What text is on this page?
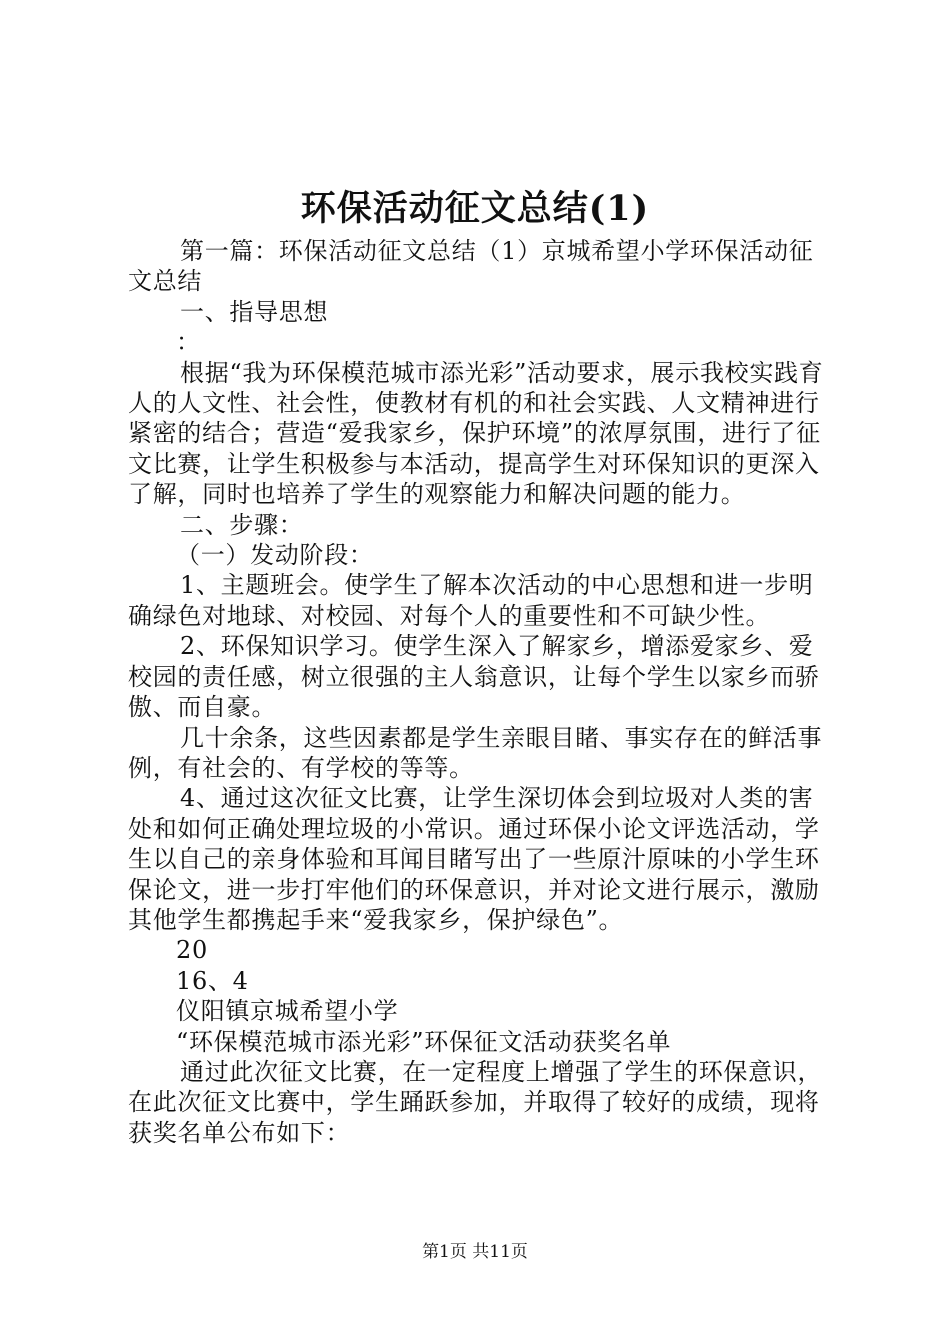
环保活动征文总结(1)

第一篇：环保活动征文总结（1）京城希望小学环保活动征文总结

一、指导思想

：

根据“我为环保模范城市添光彩”活动要求，展示我校实践育人的人文性、社会性，使教材有机的和社会实践、人文精神进行紧密的结合；营造“爱我家乡，保护环境”的浓厚氛围，进行了征文比赛，让学生积极参与本活动，提高学生对环保知识的更深入了解，同时也培养了学生的观察能力和解决问题的能力。

二、步骤：

（一）发动阶段：

1、主题班会。使学生了解本次活动的中心思想和进一步明确绿色对地球、对校园、对每个人的重要性和不可缺少性。

2、环保知识学习。使学生深入了解家乡，增添爱家乡、爱校园的责任感，树立很强的主人翁意识，让每个学生以家乡而骄傲、而自豪。

几十余条，这些因素都是学生亲眼目睹、事实存在的鲜活事例，有社会的、有学校的等等。

4、通过这次征文比赛，让学生深切体会到垃圾对人类的害处和如何正确处理垃圾的小常识。通过环保小论文评选活动，学生以自己的亲身体验和耳闻目睹写出了一些原汁原味的小学生环保论文，进一步打牢他们的环保意识，并对论文进行展示，激励其他学生都携起手来“爱我家乡，保护绿色”。

20

16、4

仪阳镇京城希望小学

“环保模范城市添光彩”环保征文活动获奖名单

通过此次征文比赛，在一定程度上增强了学生的环保意识，在此次征文比赛中，学生踊跃参加，并取得了较好的成绩，现将获奖名单公布如下：

第1页 共11页
